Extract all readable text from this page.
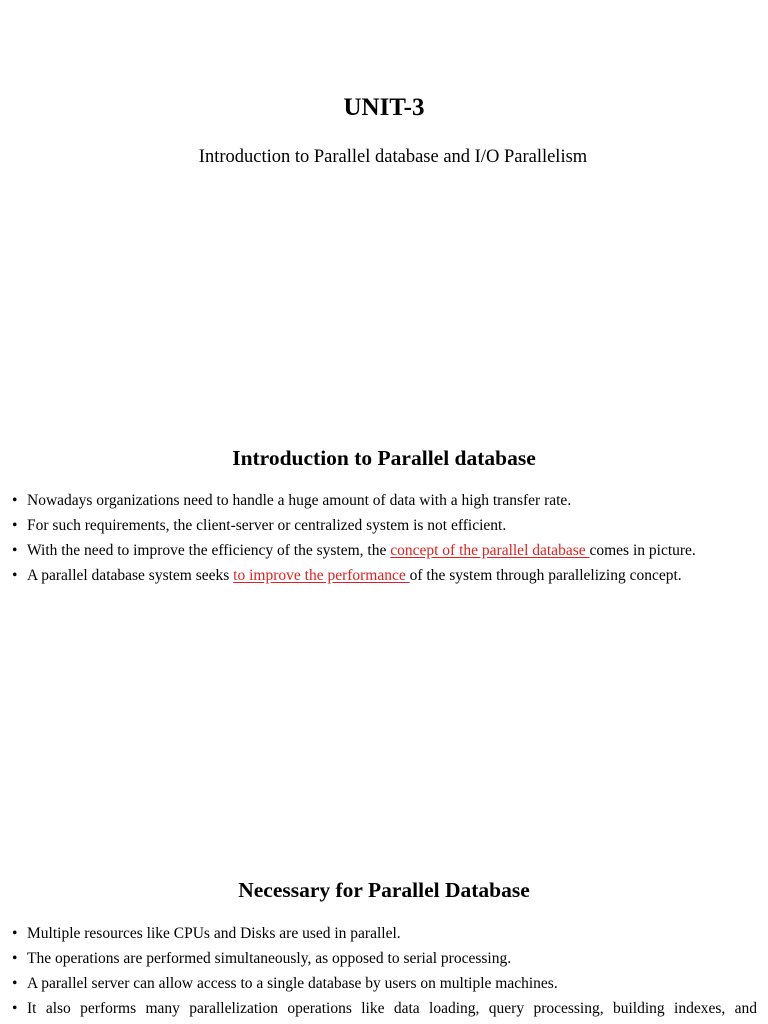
UNIT-3
Introduction to Parallel database and I/O Parallelism
Introduction to Parallel database
• Nowadays organizations need to handle a huge amount of data with a high transfer rate.
• For such requirements, the client-server or centralized system is not efficient.
• With the need to improve the efficiency of the system, the concept of the parallel database comes in picture.
• A parallel database system seeks to improve the performance of the system through parallelizing concept.
Necessary for Parallel Database
• Multiple resources like CPUs and Disks are used in parallel.
• The operations are performed simultaneously, as opposed to serial processing.
• A parallel server can allow access to a single database by users on multiple machines.
• It also performs many parallelization operations like data loading, query processing, building indexes, and
